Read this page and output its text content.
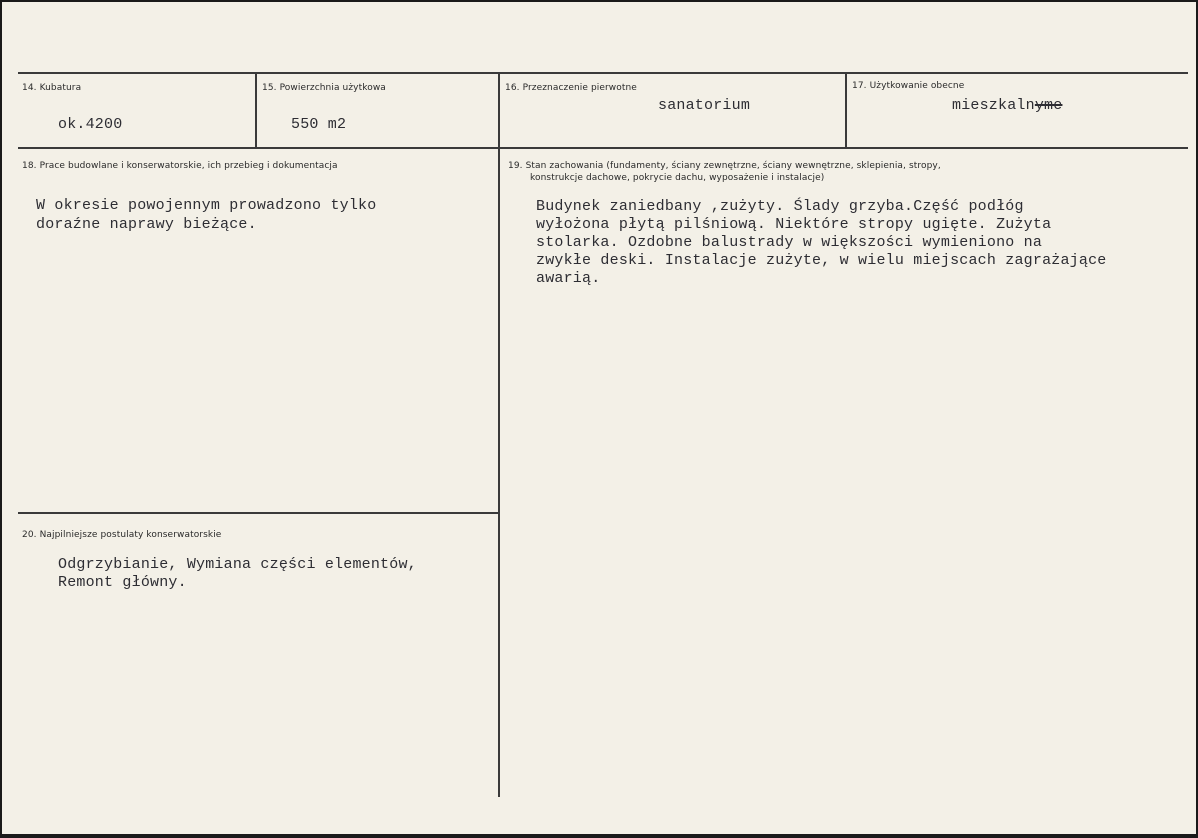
14. Kubatura
ok.4200
15. Powierzchnia użytkowa
550 m2
16. Przeznaczenie pierwotne
sanatorium
17. Użytkowanie obecne
mieszkalnyme
18. Prace budowlane i konserwatorskie, ich przebieg i dokumentacja
W okresie powojennym prowadzono tylko
doraźne naprawy bieżące.
19. Stan zachowania (fundamenty, ściany zewnętrzne, ściany wewnętrzne, sklepienia, stropy,
konstrukcje dachowe, pokrycie dachu, wyposażenie i instalacje)
Budynek zaniedbany ,zużyty. Ślady grzyba.Część podłóg
wyłożona płytą pilśniową. Niektóre stropy ugięte. Zużyta
stolarka. Ozdobne balustrady w większości wymieniono na
zwykłe deski. Instalacje zużyte, w wielu miejscach zagrażające
awarią.
20. Najpilniejsze postulaty konserwatorskie
Odgrzybianie, Wymiana części elementów,
Remont główny.
